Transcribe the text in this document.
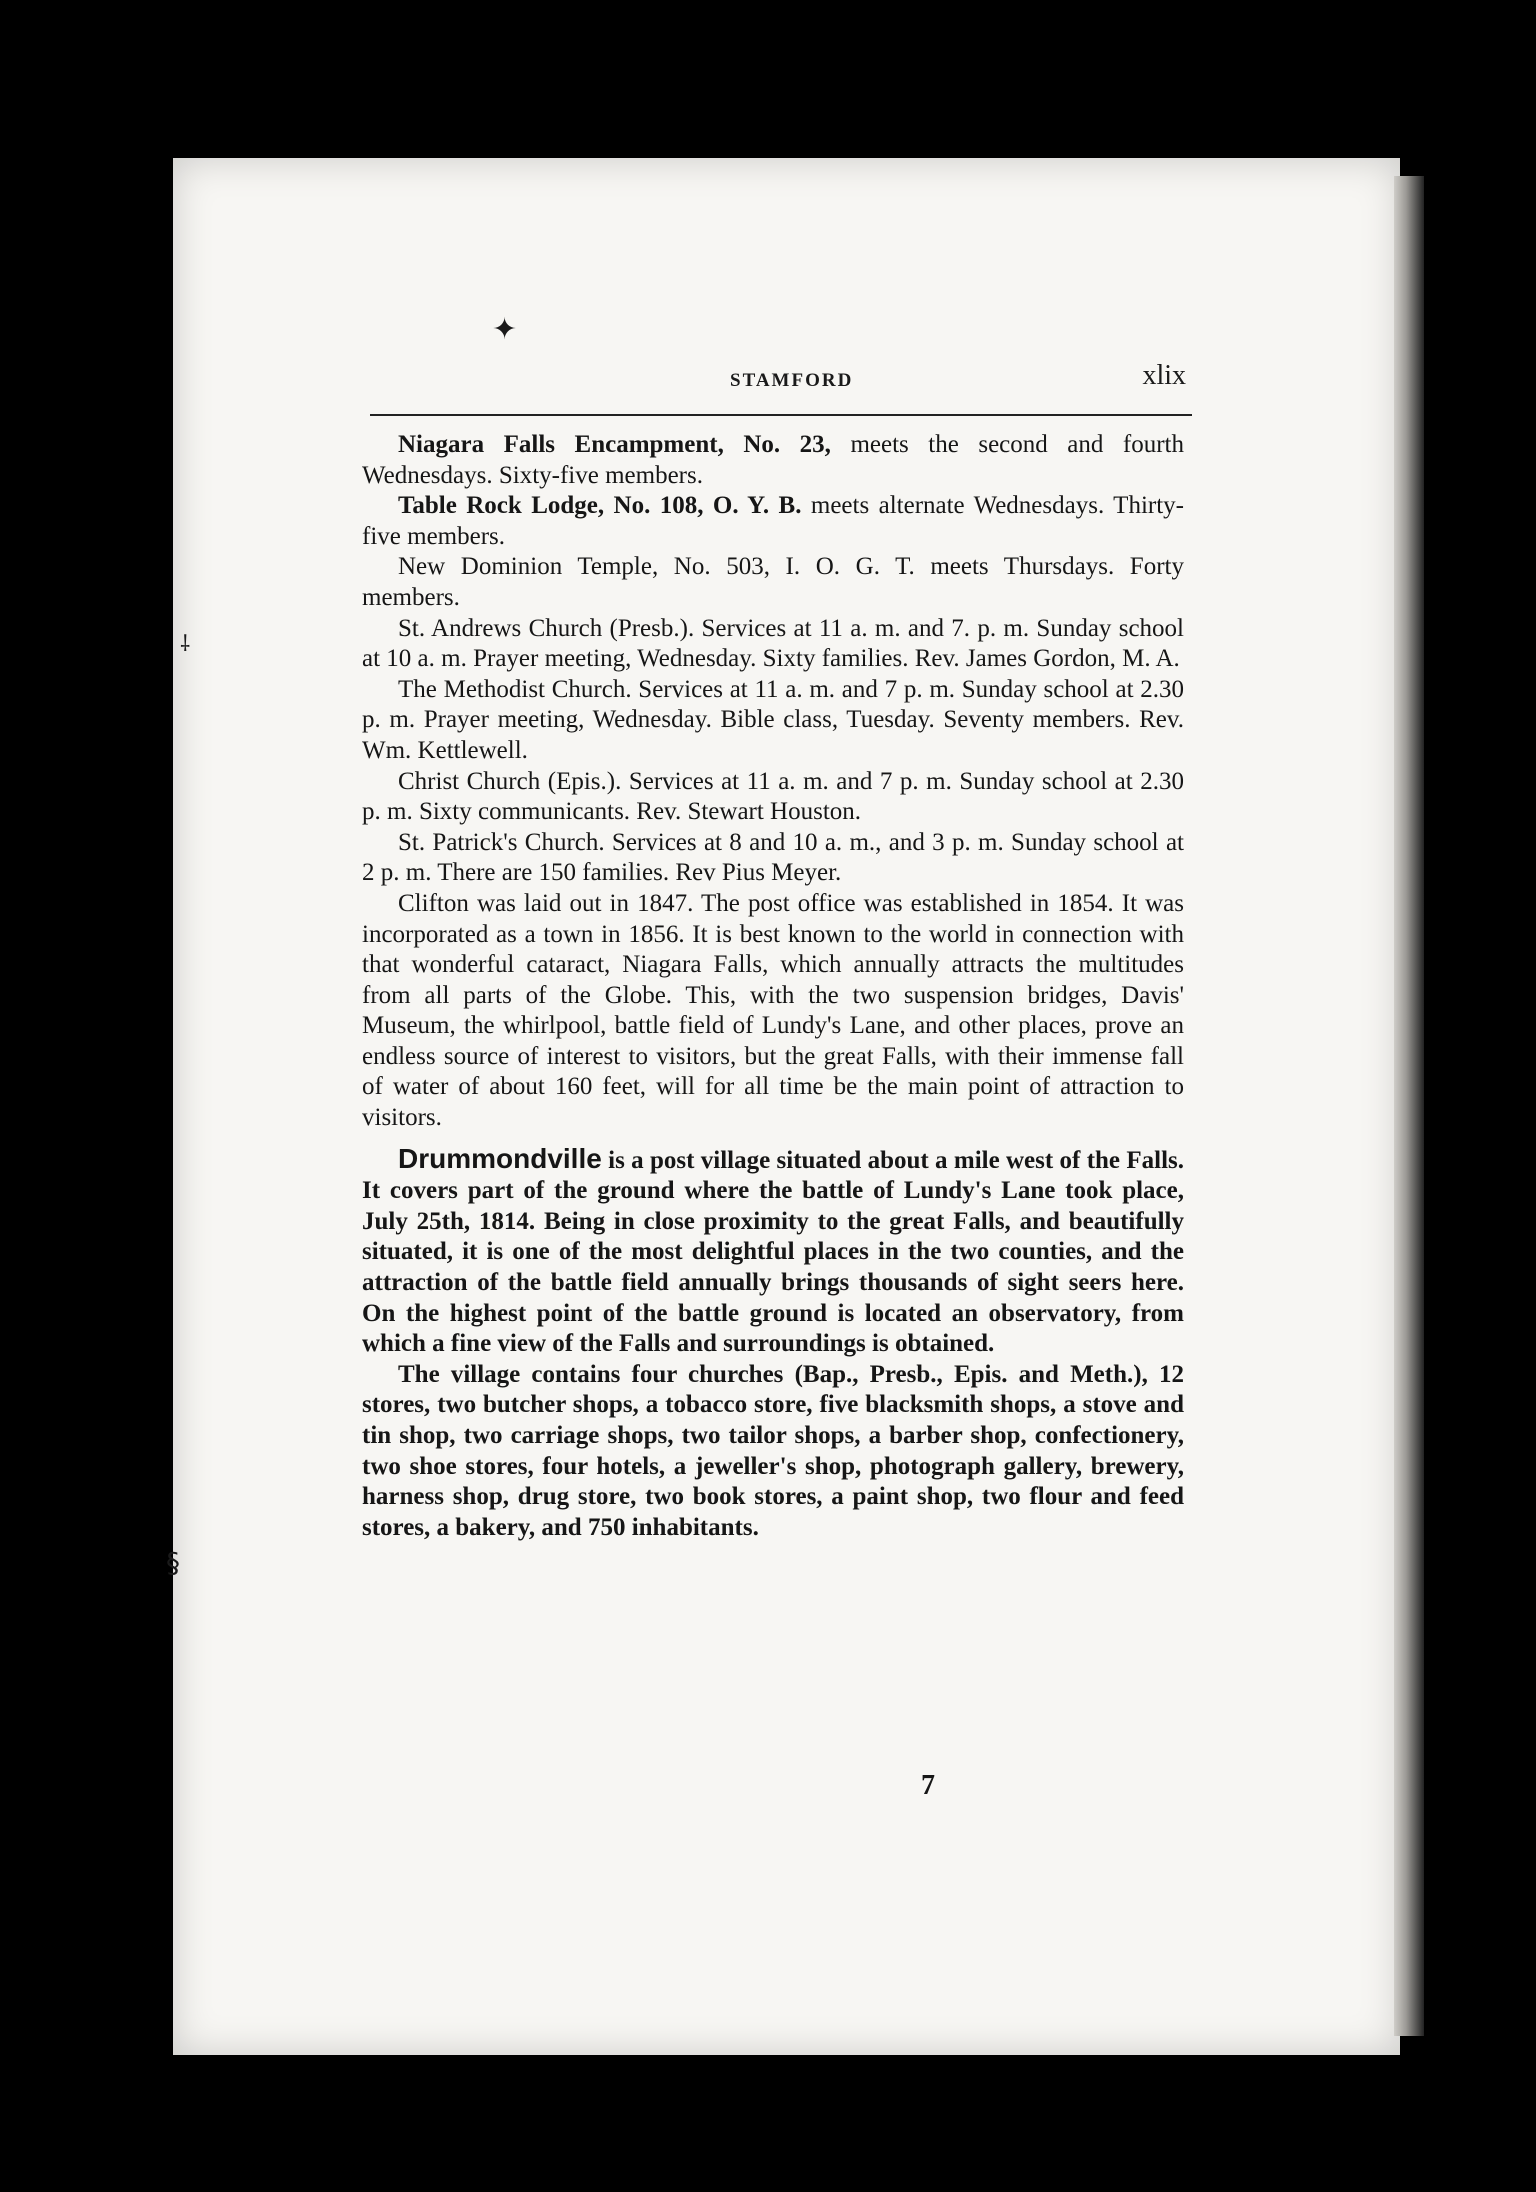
✦
⸸
§
STAMFORD	xlix

Niagara Falls Encampment, No. 23, meets the second and fourth Wednesdays. Sixty-five members.

Table Rock Lodge, No. 108, O. Y. B. meets alternate Wednesdays. Thirty-five members.

New Dominion Temple, No. 503, I. O. G. T. meets Thursdays. Forty members.

St. Andrews Church (Presb.). Services at 11 a. m. and 7. p. m. Sunday school at 10 a. m. Prayer meeting, Wednesday. Sixty families. Rev. James Gordon, M. A.

The Methodist Church. Services at 11 a. m. and 7 p. m. Sunday school at 2.30 p. m. Prayer meeting, Wednesday. Bible class, Tuesday. Seventy members. Rev. Wm. Kettlewell.

Christ Church (Epis.). Services at 11 a. m. and 7 p. m. Sunday school at 2.30 p. m. Sixty communicants. Rev. Stewart Houston.

St. Patrick's Church. Services at 8 and 10 a. m., and 3 p. m. Sunday school at 2 p. m. There are 150 families. Rev Pius Meyer.

Clifton was laid out in 1847. The post office was established in 1854. It was incorporated as a town in 1856. It is best known to the world in connection with that wonderful cataract, Niagara Falls, which annually attracts the multitudes from all parts of the Globe. This, with the two suspension bridges, Davis' Museum, the whirlpool, battle field of Lundy's Lane, and other places, prove an endless source of interest to visitors, but the great Falls, with their immense fall of water of about 160 feet, will for all time be the main point of attraction to visitors.

Drummondville is a post village situated about a mile west of the Falls. It covers part of the ground where the battle of Lundy's Lane took place, July 25th, 1814. Being in close proximity to the great Falls, and beautifully situated, it is one of the most delightful places in the two counties, and the attraction of the battle field annually brings thousands of sight seers here. On the highest point of the battle ground is located an observatory, from which a fine view of the Falls and surroundings is obtained.

The village contains four churches (Bap., Presb., Epis. and Meth.), 12 stores, two butcher shops, a tobacco store, five blacksmith shops, a stove and tin shop, two carriage shops, two tailor shops, a barber shop, confectionery, two shoe stores, four hotels, a jeweller's shop, photograph gallery, brewery, harness shop, drug store, two book stores, a paint shop, two flour and feed stores, a bakery, and 750 inhabitants.

7
